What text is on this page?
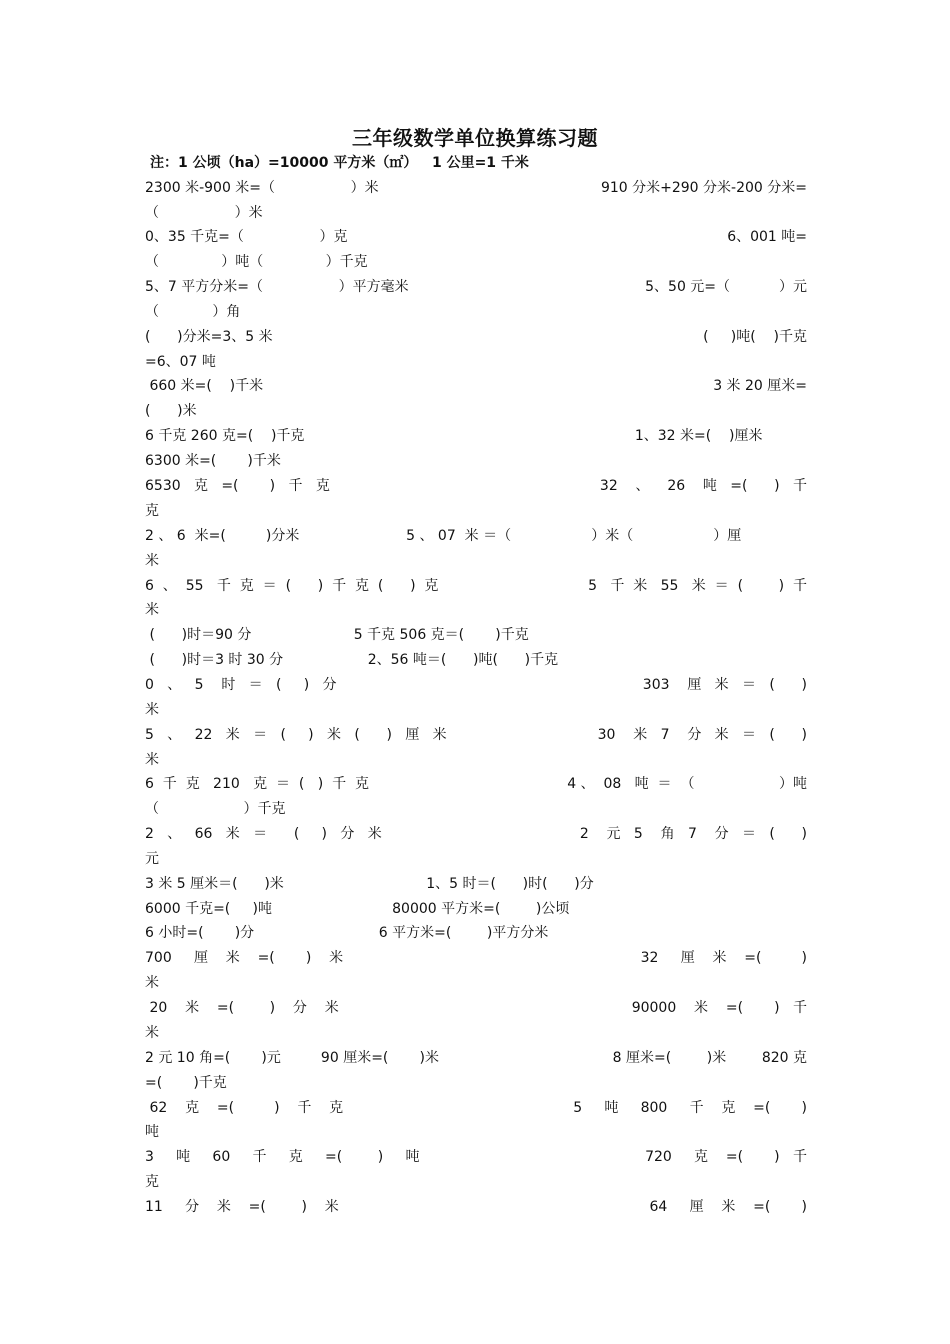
三年级数学单位换算练习题
注：1 公顷（ha）=10000 平方米（㎡）   1 公里=1 千米
2300 米-900 米=（                 ）米	910 分米+290 分米-200 分米=
（                 ）米
0、35 千克=（                 ）克	6、001 吨=
（              ）吨（              ）千克
5、7 平方分米=（                 ）平方毫米	5、50 元=（           ）元
（            ）角
(      )分米=3、5 米	(     )吨(    )千克
=6、07 吨
660 米=(    )千米	3 米 20 厘米=
(      )米
6 千克 260 克=(    )千克	1、32 米=(    )厘米
6300 米=(       )千米
6530   克   =(       )   千   克	32    、    26    吨   =(      )   千
克
2 、 6  米=(         )分米                        5 、 07  米 ＝（                  ）米（                  ）厘
米
6  、  55   千  克  ＝  (      )  千  克  (      )  克	5   千  米   55   米  ＝  (        )  千
米
(      )时＝90 分                       5 千克 506 克＝(       )千克
(      )时＝3 时 30 分                   2、56 吨＝(      )吨(      )千克
0   、   5    时   ＝   (     )   分	303    厘   米   ＝   (      )
米
5   、   22   米   ＝   (     )   米   (      )   厘   米	30    米   7    分   米   ＝   (      )
米
6  千  克   210   克  ＝  (   )  千  克	4 、  08   吨  ＝  （                   ）吨
（                   ）千克
2   、   66   米   ＝      (     )   分   米	2    元   5    角   7    分   ＝   (      )
元
3 米 5 厘米＝(      )米                                1、5 时＝(      )时(      )分
6000 千克=(     )吨                           80000 平方米=(        )公顷
6 小时=(       )分                            6 平方米=(        )平方分米
700     厘    米    =(       )    米	32     厘    米    =(         )
米
20    米    =(        )    分    米	90000    米    =(       )   千
米
2 元 10 角=(       )元         90 厘米=(       )米	8 厘米=(        )米        820 克
=(       )千克
62    克    =(         )    千    克	5     吨     800     千    克    =(       )
吨
3     吨     60     千     克     =(        )     吨	720     克    =(       )   千
克
11     分    米    =(        )    米	64     厘    米    =(       )
